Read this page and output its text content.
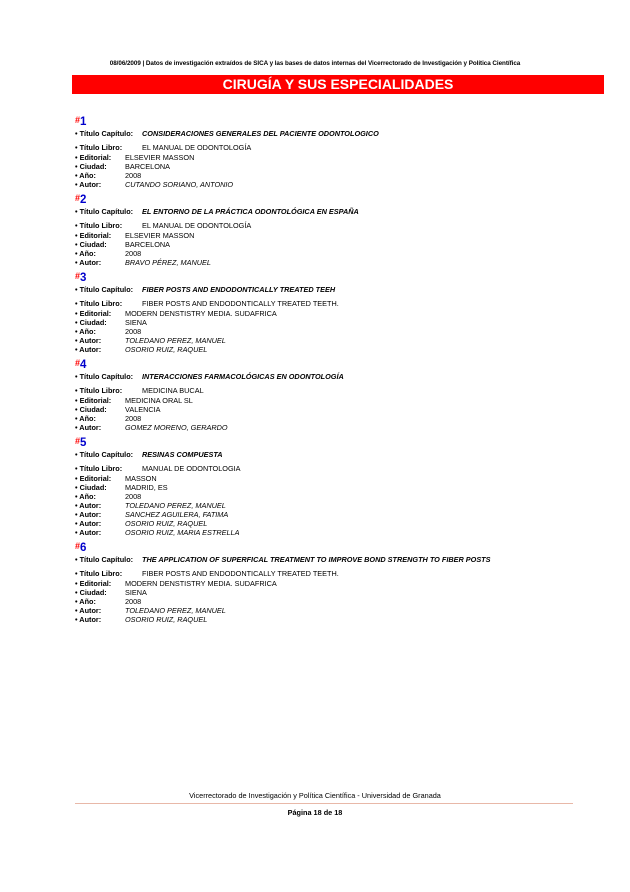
08/06/2009 | Datos de investigación extraídos de SICA y las bases de datos internas del Vicerrectorado de Investigación y Política Científica
CIRUGÍA Y SUS ESPECIALIDADES
#1
• Título Capítulo:	CONSIDERACIONES GENERALES DEL PACIENTE ODONTOLOGICO
• Título Libro:	EL MANUAL DE ODONTOLOGÍA
• Editorial:	ELSEVIER MASSON
• Ciudad:	BARCELONA
• Año:	2008
• Autor:	CUTANDO SORIANO, ANTONIO
#2
• Título Capítulo:	EL ENTORNO DE LA PRÁCTICA ODONTOLÓGICA EN ESPAÑA
• Título Libro:	EL MANUAL DE ODONTOLOGÍA
• Editorial:	ELSEVIER MASSON
• Ciudad:	BARCELONA
• Año:	2008
• Autor:	BRAVO PÉREZ, MANUEL
#3
• Título Capítulo:	FIBER POSTS AND ENDODONTICALLY TREATED TEEH
• Título Libro:	FIBER POSTS AND ENDODONTICALLY TREATED TEETH.
• Editorial:	MODERN DENSTISTRY MEDIA. SUDAFRICA
• Ciudad:	SIENA
• Año:	2008
• Autor:	TOLEDANO PEREZ, MANUEL
• Autor:	OSORIO RUIZ, RAQUEL
#4
• Título Capítulo:	INTERACCIONES FARMACOLÓGICAS EN ODONTOLOGÍA
• Título Libro:	MEDICINA BUCAL
• Editorial:	MEDICINA ORAL SL
• Ciudad:	VALENCIA
• Año:	2008
• Autor:	GOMEZ MORENO, GERARDO
#5
• Título Capítulo:	RESINAS COMPUESTA
• Título Libro:	MANUAL DE ODONTOLOGIA
• Editorial:	MASSON
• Ciudad:	MADRID, ES
• Año:	2008
• Autor:	TOLEDANO PEREZ, MANUEL
• Autor:	SANCHEZ AGUILERA, FATIMA
• Autor:	OSORIO RUIZ, RAQUEL
• Autor:	OSORIO RUIZ, MARIA ESTRELLA
#6
• Título Capítulo:	THE APPLICATION OF SUPERFICAL TREATMENT TO IMPROVE BOND STRENGTH TO FIBER POSTS
• Título Libro:	FIBER POSTS AND ENDODONTICALLY TREATED TEETH.
• Editorial:	MODERN DENSTISTRY MEDIA. SUDAFRICA
• Ciudad:	SIENA
• Año:	2008
• Autor:	TOLEDANO PEREZ, MANUEL
• Autor:	OSORIO RUIZ, RAQUEL
Vicerrectorado de Investigación y Política Científica - Universidad de Granada
Página 18 de 18
